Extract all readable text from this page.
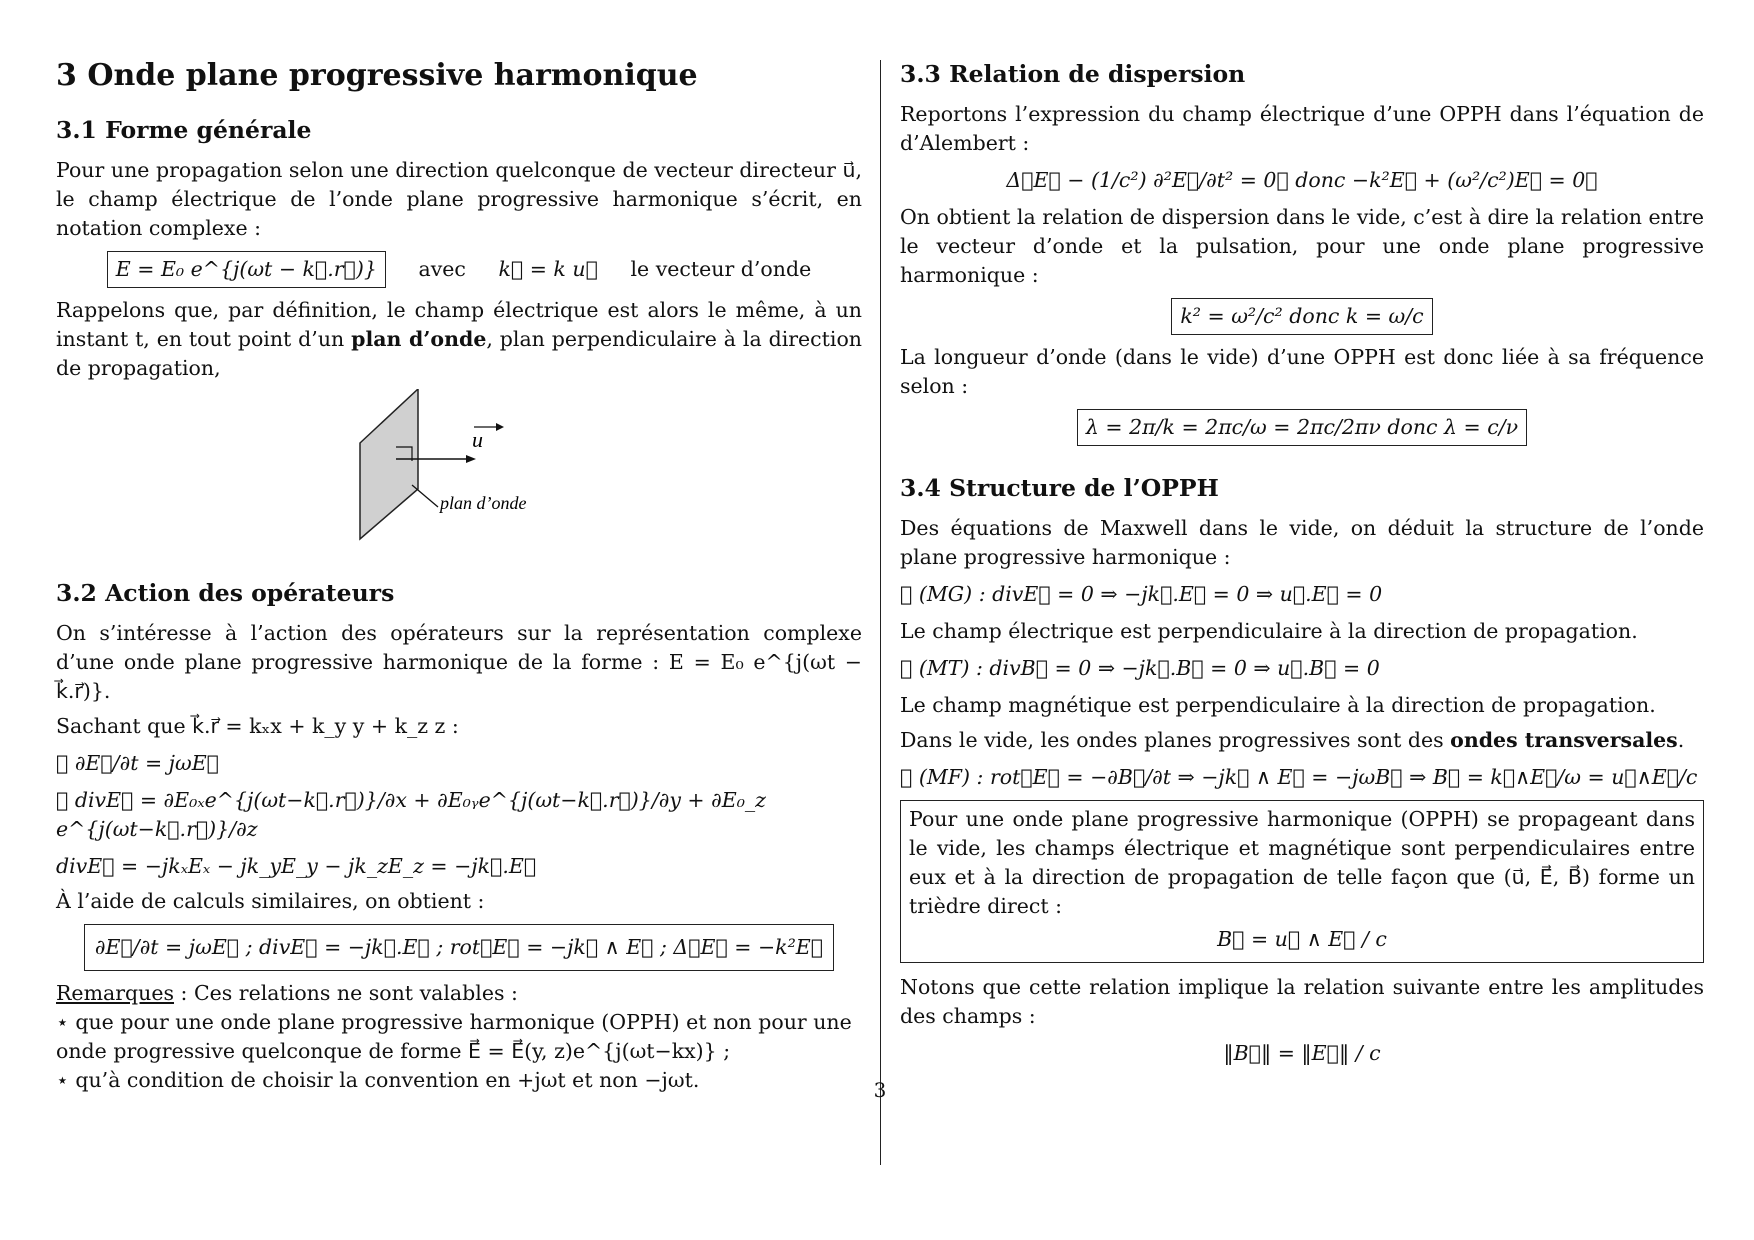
3 Onde plane progressive harmonique
3.1 Forme générale

Pour une propagation selon une direction quelconque de vecteur directeur u⃗, le champ électrique de l’onde plane progressive harmonique s’écrit, en notation complexe :

E = E₀ e^{j(ωt − k⃗.r⃗)} avec k⃗ = k u⃗ le vecteur d’onde

Rappelons que, par définition, le champ électrique est alors le même, à un instant t, en tout point d’un plan d’onde, plan perpendiculaire à la direction de propagation,

u
plan d’onde
3.2 Action des opérateurs

On s’intéresse à l’action des opérateurs sur la représentation complexe d’une onde plane progressive harmonique de la forme : E = E₀ e^{j(ωt − k⃗.r⃗)}.

Sachant que k⃗.r⃗ = kₓx + k_y y + k_z z :

⋆ ∂E⃗/∂t = jωE⃗
⋆ divE⃗ = ∂E₀ₓe^{j(ωt−k⃗.r⃗)}/∂x + ∂E₀ᵧe^{j(ωt−k⃗.r⃗)}/∂y + ∂E₀_z e^{j(ωt−k⃗.r⃗)}/∂z
divE⃗ = −jkₓEₓ − jk_yE_y − jk_zE_z = −jk⃗.E⃗

À l’aide de calculs similaires, on obtient :

∂E⃗/∂t = jωE⃗ ; divE⃗ = −jk⃗.E⃗ ; rot⃗E⃗ = −jk⃗ ∧ E⃗ ; Δ⃗E⃗ = −k²E⃗
Remarques : Ces relations ne sont valables :
⋆ que pour une onde plane progressive harmonique (OPPH) et non pour une onde progressive quelconque de forme E⃗ = E⃗(y, z)e^{j(ωt−kx)} ;
⋆ qu’à condition de choisir la convention en +jωt et non −jωt.
3.3 Relation de dispersion

Reportons l’expression du champ électrique d’une OPPH dans l’équation de d’Alembert :

Δ⃗E⃗ − (1/c²) ∂²E⃗/∂t² = 0⃗ donc −k²E⃗ + (ω²/c²)E⃗ = 0⃗

On obtient la relation de dispersion dans le vide, c’est à dire la relation entre le vecteur d’onde et la pulsation, pour une onde plane progressive harmonique :

k² = ω²/c² donc k = ω/c

La longueur d’onde (dans le vide) d’une OPPH est donc liée à sa fréquence selon :

λ = 2π/k = 2πc/ω = 2πc/2πν donc λ = c/ν
3.4 Structure de l’OPPH

Des équations de Maxwell dans le vide, on déduit la structure de l’onde plane progressive harmonique :

⋆ (MG) : divE⃗ = 0 ⇒ −jk⃗.E⃗ = 0 ⇒ u⃗.E⃗ = 0

Le champ électrique est perpendiculaire à la direction de propagation.

⋆ (MT) : divB⃗ = 0 ⇒ −jk⃗.B⃗ = 0 ⇒ u⃗.B⃗ = 0

Le champ magnétique est perpendiculaire à la direction de propagation.

Dans le vide, les ondes planes progressives sont des ondes transversales.

⋆ (MF) : rot⃗E⃗ = −∂B⃗/∂t ⇒ −jk⃗ ∧ E⃗ = −jωB⃗ ⇒ B⃗ = k⃗∧E⃗/ω = u⃗∧E⃗/c

Pour une onde plane progressive harmonique (OPPH) se propageant dans le vide, les champs électrique et magnétique sont perpendiculaires entre eux et à la direction de propagation de telle façon que (u⃗, E⃗, B⃗) forme un trièdre direct :

B⃗ = u⃗ ∧ E⃗ / c

Notons que cette relation implique la relation suivante entre les amplitudes des champs :

‖B⃗‖ = ‖E⃗‖ / c
3
